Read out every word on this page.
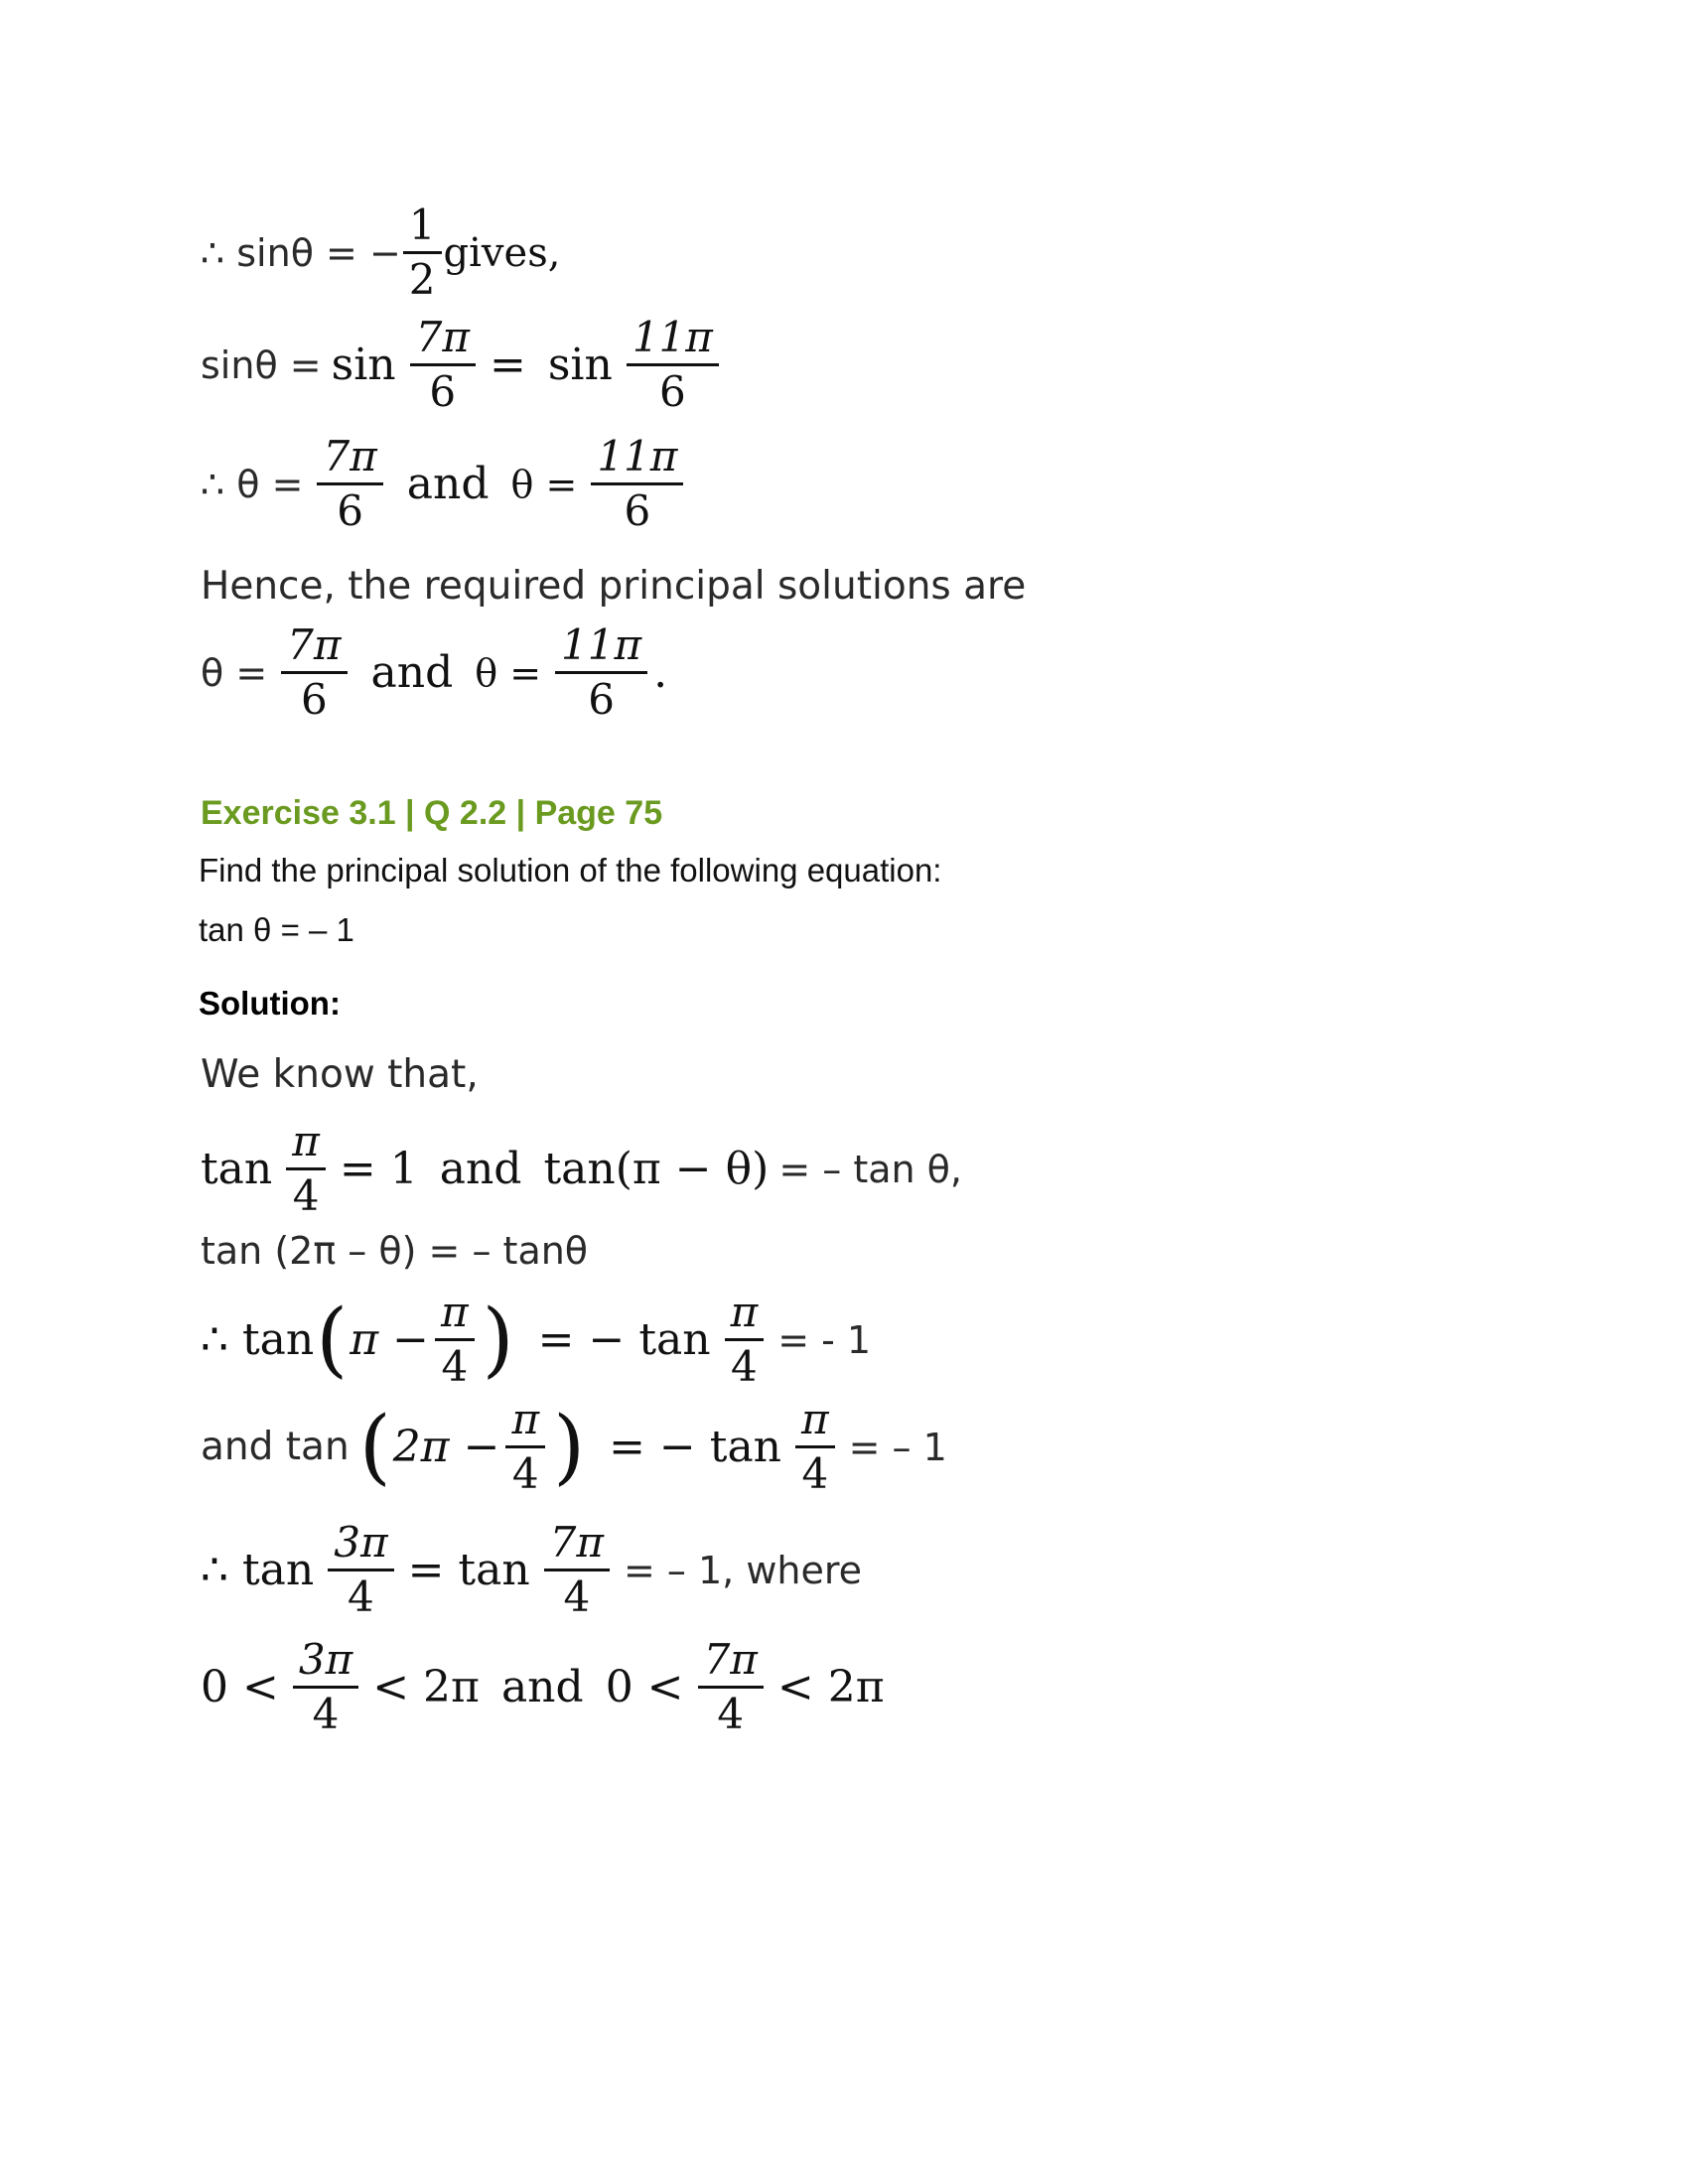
∴ sinθ = − $\frac{1}{2}$ gives,
$\sin\theta = \sin \frac{7\pi}{6} = \sin \frac{11\pi}{6}$
∴ $\theta = \frac{7\pi}{6}$ and $\theta = \frac{11\pi}{6}$
Hence, the required principal solutions are
$\theta = \frac{7\pi}{6}$ and $\theta = \frac{11\pi}{6}$ .
Exercise 3.1 | Q 2.2 | Page 75
Find the principal solution of the following equation:
tan θ = – 1
Solution:
We know that,
$\tan \frac{\pi}{4} = 1$ and tan(π − θ) = – tan θ,
tan (2π – θ) = – tanθ
∴ tan ( $\pi - \frac{\pi}{4}$ ) = − $\tan \frac{\pi}{4}$ = - 1
and tan ( $2\pi - \frac{\pi}{4}$ ) = − $\tan \frac{\pi}{4}$ = – 1
∴ $\tan \frac{3\pi}{4} = \tan \frac{7\pi}{4}$ = – 1, where
$0 < \frac{3\pi}{4} < 2\pi$ and $0 < \frac{7\pi}{4} < 2\pi$
